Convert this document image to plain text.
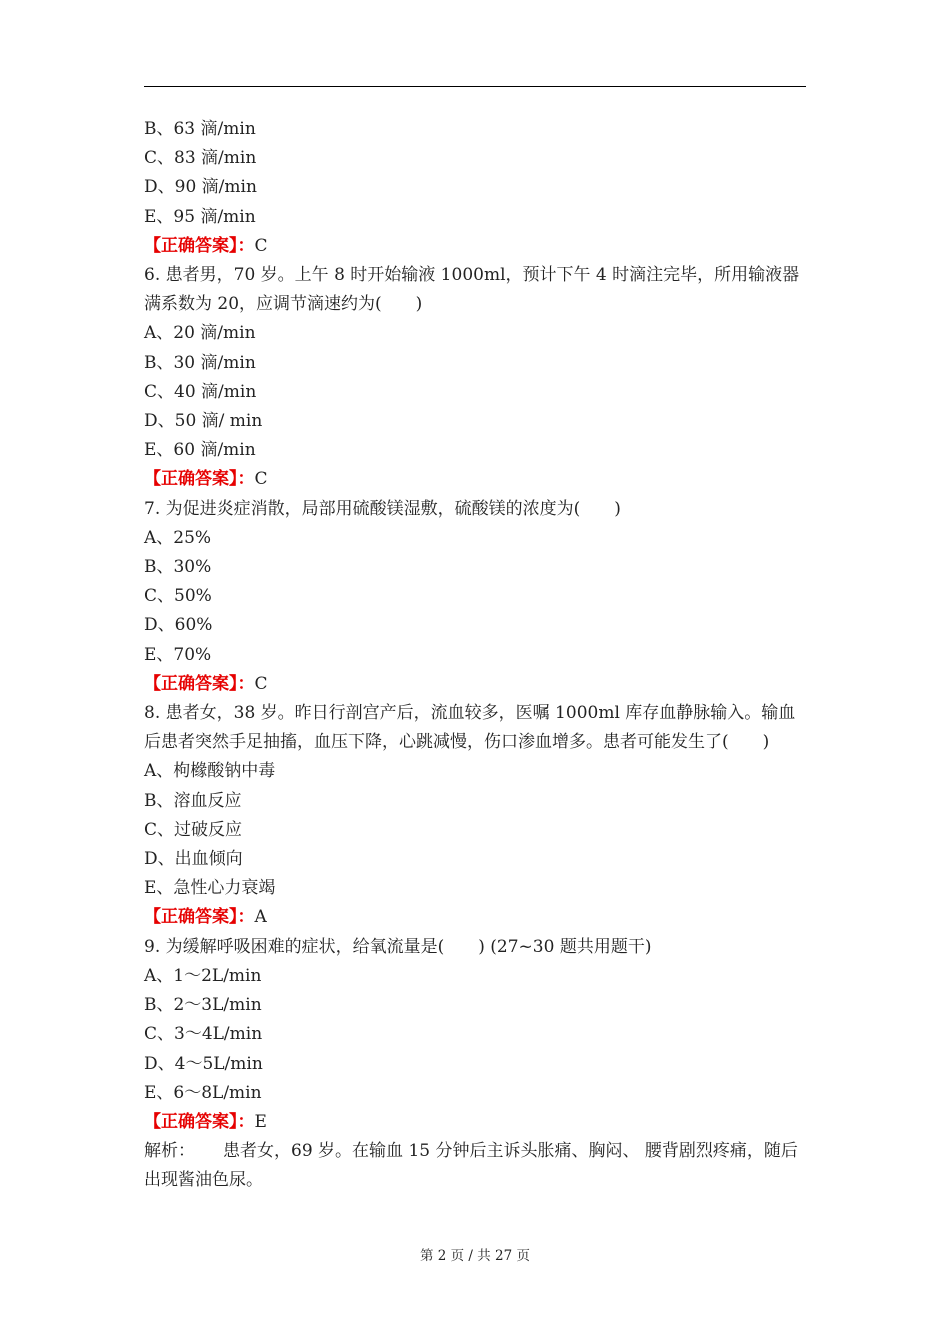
B、63 滴/min

C、83 滴/min

D、90 滴/min

E、95 滴/min

【正确答案】：C

6. 患者男，70 岁。上午 8 时开始输液 1000ml，预计下午 4 时滴注完毕，所用输液器满系数为 20，应调节滴速约为(　　)

A、20 滴/min

B、30 滴/min

C、40 滴/min

D、50 滴/ min

E、60 滴/min

【正确答案】：C

7. 为促进炎症消散，局部用硫酸镁湿敷，硫酸镁的浓度为(　　)

A、25%

B、30%

C、50%

D、60%

E、70%

【正确答案】：C

8. 患者女，38 岁。昨日行剖宫产后，流血较多，医嘱 1000ml 库存血静脉输入。输血后患者突然手足抽搐，血压下降，心跳减慢，伤口渗血增多。患者可能发生了(　　)

A、枸橼酸钠中毒

B、溶血反应

C、过破反应

D、出血倾向

E、急性心力衰竭

【正确答案】：A

9. 为缓解呼吸困难的症状，给氧流量是(　　) (27~30 题共用题干)

A、1～2L/min

B、2～3L/min

C、3～4L/min

D、4～5L/min

E、6～8L/min

【正确答案】：E

解析： 患者女，69 岁。在输血 15 分钟后主诉头胀痛、胸闷、 腰背剧烈疼痛，随后出现酱油色尿。

第 2 页 / 共 27 页
